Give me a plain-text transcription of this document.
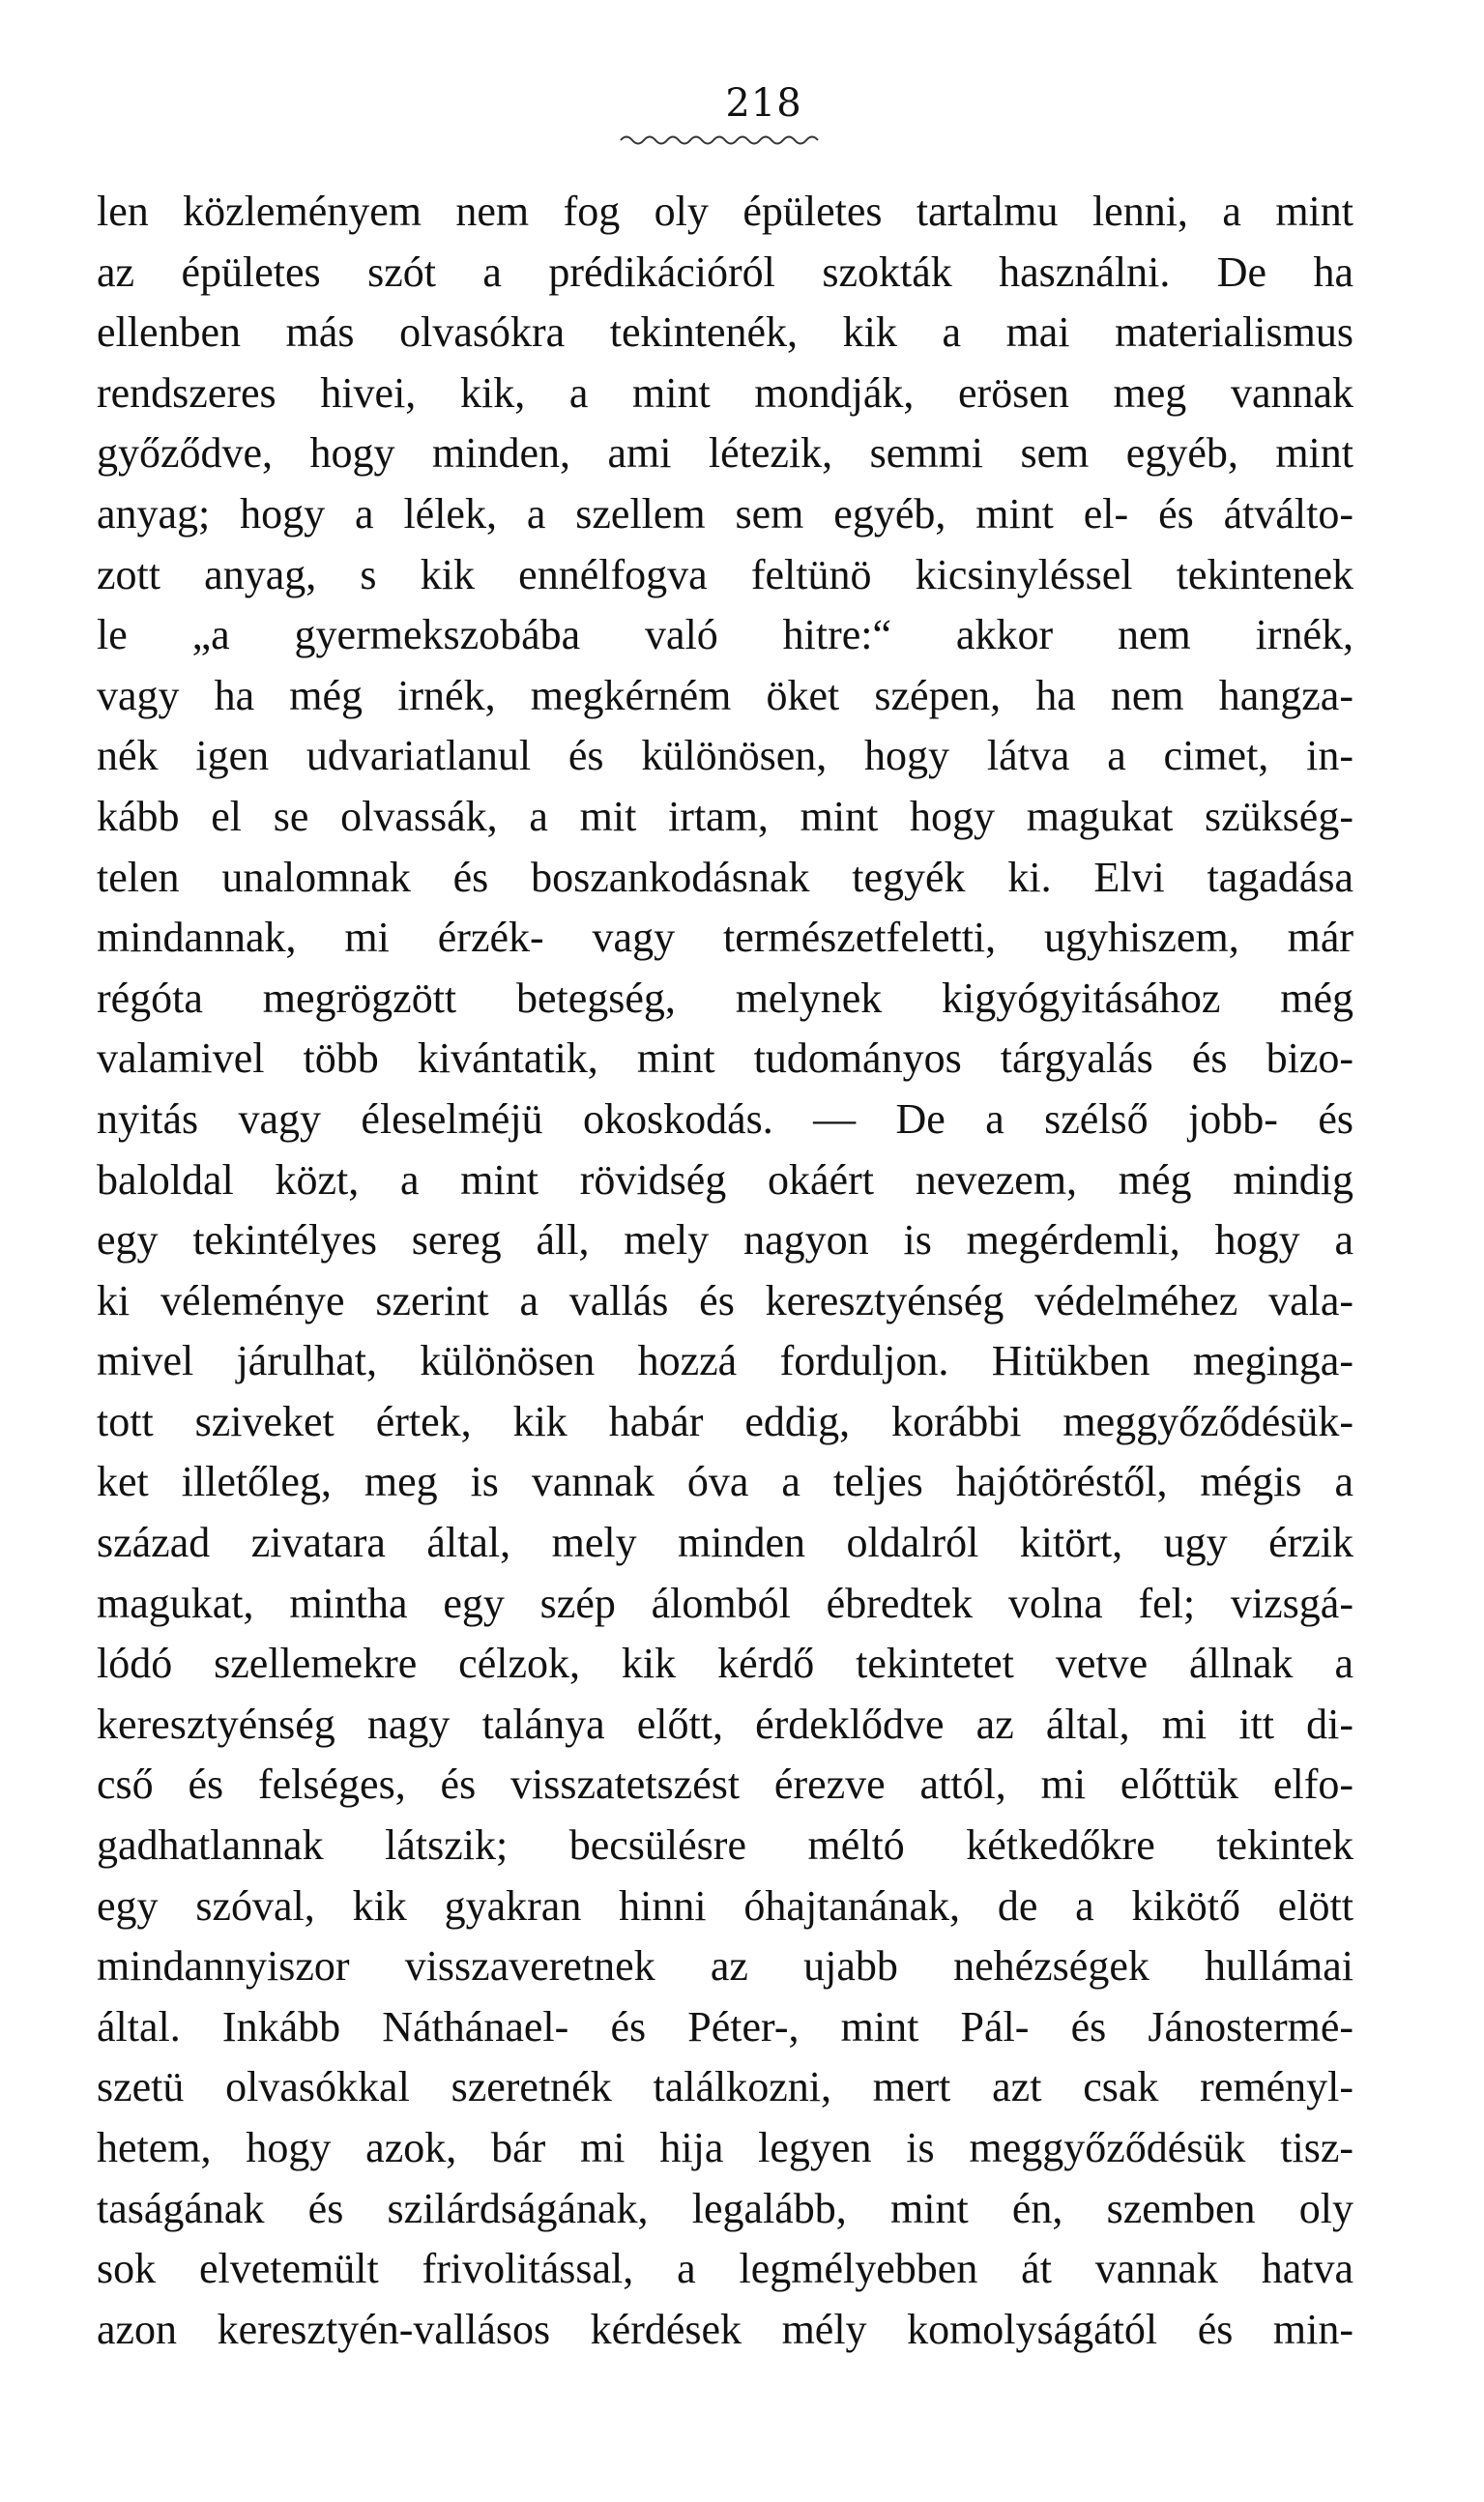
218
len közleményem nem fog oly épületes tartalmu lenni, a mint
az épületes szót a prédikációról szokták használni. De ha
ellenben más olvasókra tekintenék, kik a mai materialismus
rendszeres hivei, kik, a mint mondják, erösen meg vannak
győződve, hogy minden, ami létezik, semmi sem egyéb, mint
anyag; hogy a lélek, a szellem sem egyéb, mint el- és átválto-
zott anyag, s kik ennélfogva feltünö kicsinyléssel tekintenek
le „a gyermekszobába való hitre:“ akkor nem irnék,
vagy ha még irnék, megkérném öket szépen, ha nem hangza-
nék igen udvariatlanul és különösen, hogy látva a cimet, in-
kább el se olvassák, a mit irtam, mint hogy magukat szükség-
telen unalomnak és boszankodásnak tegyék ki. Elvi tagadása
mindannak, mi érzék- vagy természetfeletti, ugyhiszem, már
régóta megrögzött betegség, melynek kigyógyitásához még
valamivel több kivántatik, mint tudományos tárgyalás és bizo-
nyitás vagy éleselméjü okoskodás. — De a szélső jobb- és
baloldal közt, a mint rövidség okáért nevezem, még mindig
egy tekintélyes sereg áll, mely nagyon is megérdemli, hogy a
ki véleménye szerint a vallás és keresztyénség védelméhez vala-
mivel járulhat, különösen hozzá forduljon. Hitükben megingа-
tott sziveket értek, kik habár eddig, korábbi meggyőződésük-
ket illetőleg, meg is vannak óva a teljes hajótöréstől, mégis a
század zivatara által, mely minden oldalról kitört, ugy érzik
magukat, mintha egy szép álomból ébredtek volna fel; vizsgá-
lódó szellemekre célzok, kik kérdő tekintetet vetve állnak a
keresztyénség nagy talánya előtt, érdeklődve az által, mi itt di-
cső és felséges, és visszatetszést érezve attól, mi előttük elfo-
gadhatlannak látszik; becsülésre méltó kétkedőkre tekintek
egy szóval, kik gyakran hinni óhajtanának, de a kikötő elött
mindannyiszor visszaveretnek az ujabb nehézségek hullámai
által. Inkább Náthánael- és Péter-, mint Pál- és Jánostermé-
szetü olvasókkal szeretnék találkozni, mert azt csak reményl-
hetem, hogy azok, bár mi hija legyen is meggyőződésük tisz-
taságának és szilárdságának, legalább, mint én, szemben oly
sok elvetemült frivolitással, a legmélyebben át vannak hatva
azon keresztyén-vallásos kérdések mély komolyságától és min-
